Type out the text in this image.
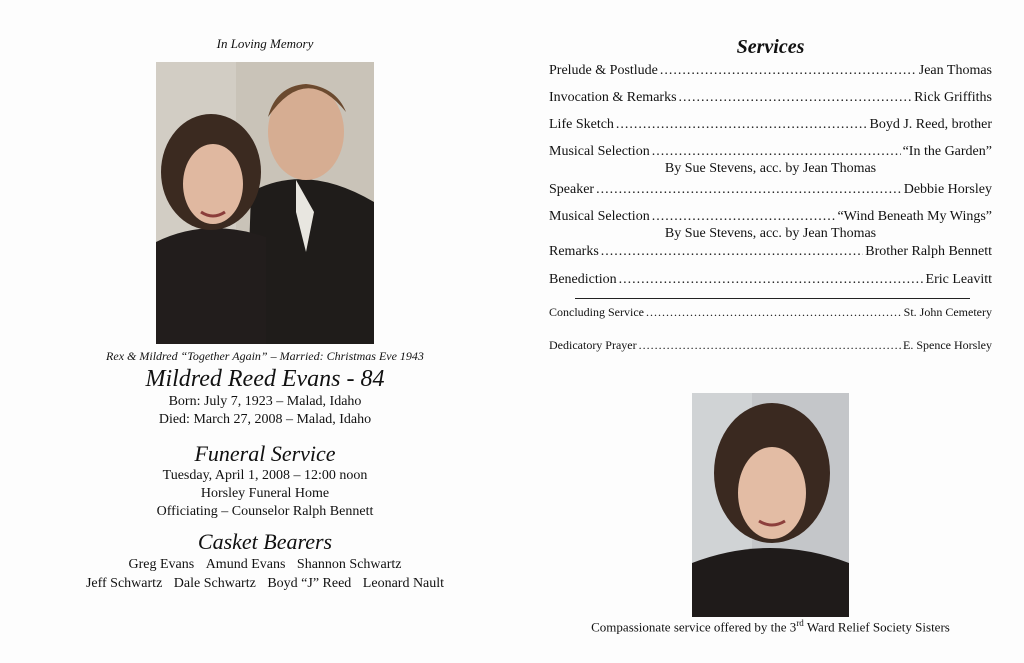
In Loving Memory
Rex & Mildred “Together Again” – Married: Christmas Eve 1943
Mildred Reed Evans - 84
Born: July 7, 1923 – Malad, Idaho
Died: March 27, 2008 – Malad, Idaho
Funeral Service
Tuesday, April 1, 2008 – 12:00 noon
Horsley Funeral Home
Officiating – Counselor Ralph Bennett
Casket Bearers
Greg Evans Amund Evans Shannon Schwartz
Jeff Schwartz Dale Schwartz Boyd “J” Reed Leonard Nault
Services
Prelude & Postlude .....	Jean Thomas
Invocation & Remarks .....	Rick Griffiths
Life Sketch .....	Boyd J. Reed, brother
Musical Selection .....	“In the Garden”
By Sue Stevens, acc. by Jean Thomas
Speaker .....	Debbie Horsley
Musical Selection .....	“Wind Beneath My Wings”
By Sue Stevens, acc. by Jean Thomas
Remarks .....	Brother Ralph Bennett
Benediction .....	Eric Leavitt
Concluding Service .....	St. John Cemetery
Dedicatory Prayer .....	E. Spence Horsley
Compassionate service offered by the 3rd Ward Relief Society Sisters
